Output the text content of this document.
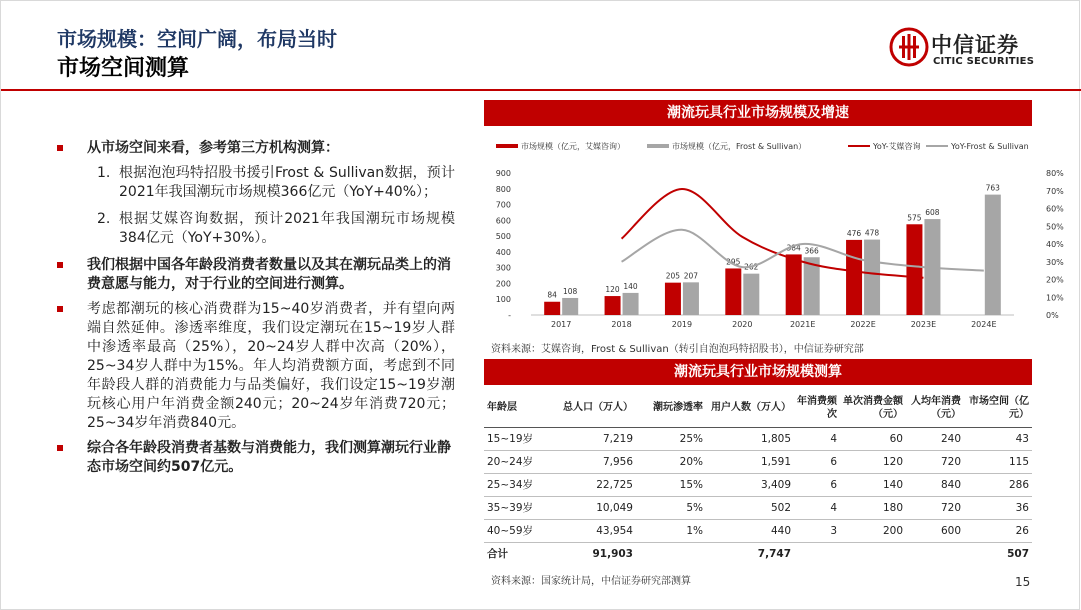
市场规模：空间广阔，布局当时
市场空间测算
中信证券
CITIC SECURITIES
从市场空间来看，参考第三方机构测算：
1. 根据泡泡玛特招股书援引Frost & Sullivan数据，预计2021年我国潮玩市场规模366亿元（YoY+40%）；
2. 根据艾媒咨询数据，预计2021年我国潮玩市场规模384亿元（YoY+30%）。
我们根据中国各年龄段消费者数量以及其在潮玩品类上的消费意愿与能力，对于行业的空间进行测算。
考虑都潮玩的核心消费群为15~40岁消费者，并有望向两端自然延伸。渗透率维度，我们设定潮玩在15~19岁人群中渗透率最高（25%），20~24岁人群中次高（20%），25~34岁人群中为15%。年人均消费额方面，考虑到不同年龄段人群的消费能力与品类偏好，我们设定15~19岁潮玩核心用户年消费金额240元；20~24岁年消费720元；25~34岁年消费840元。
综合各年龄段消费者基数与消费能力，我们测算潮玩行业静态市场空间约507亿元。
潮流玩具行业市场规模及增速
市场规模（亿元，艾媒咨询）	市场规模（亿元，Frost & Sullivan）	YoY-艾媒咨询	YoY-Frost & Sullivan
-
100
200
300
400
500
600
700
800
900
0%
10%
20%
30%
40%
50%
60%
70%
80%
84
120
205
295
384
476
575
108
140
207
262
366
478
608
763
2017	2018	2019	2020	2021E	2022E	2023E	2024E
资料来源：艾媒咨询，Frost & Sullivan（转引自泡泡玛特招股书），中信证券研究部
潮流玩具行业市场规模测算
年龄层	总人口（万人）	潮玩渗透率	用户人数（万人）	年消费频次	单次消费金额（元）	人均年消费（元）	市场空间（亿元）
15~19岁	7,219	25%	1,805	4	60	240	43
20~24岁	7,956	20%	1,591	6	120	720	115
25~34岁	22,725	15%	3,409	6	140	840	286
35~39岁	10,049	5%	502	4	180	720	36
40~59岁	43,954	1%	440	3	200	600	26
合计	91,903		7,747				507
资料来源：国家统计局，中信证券研究部测算	15
